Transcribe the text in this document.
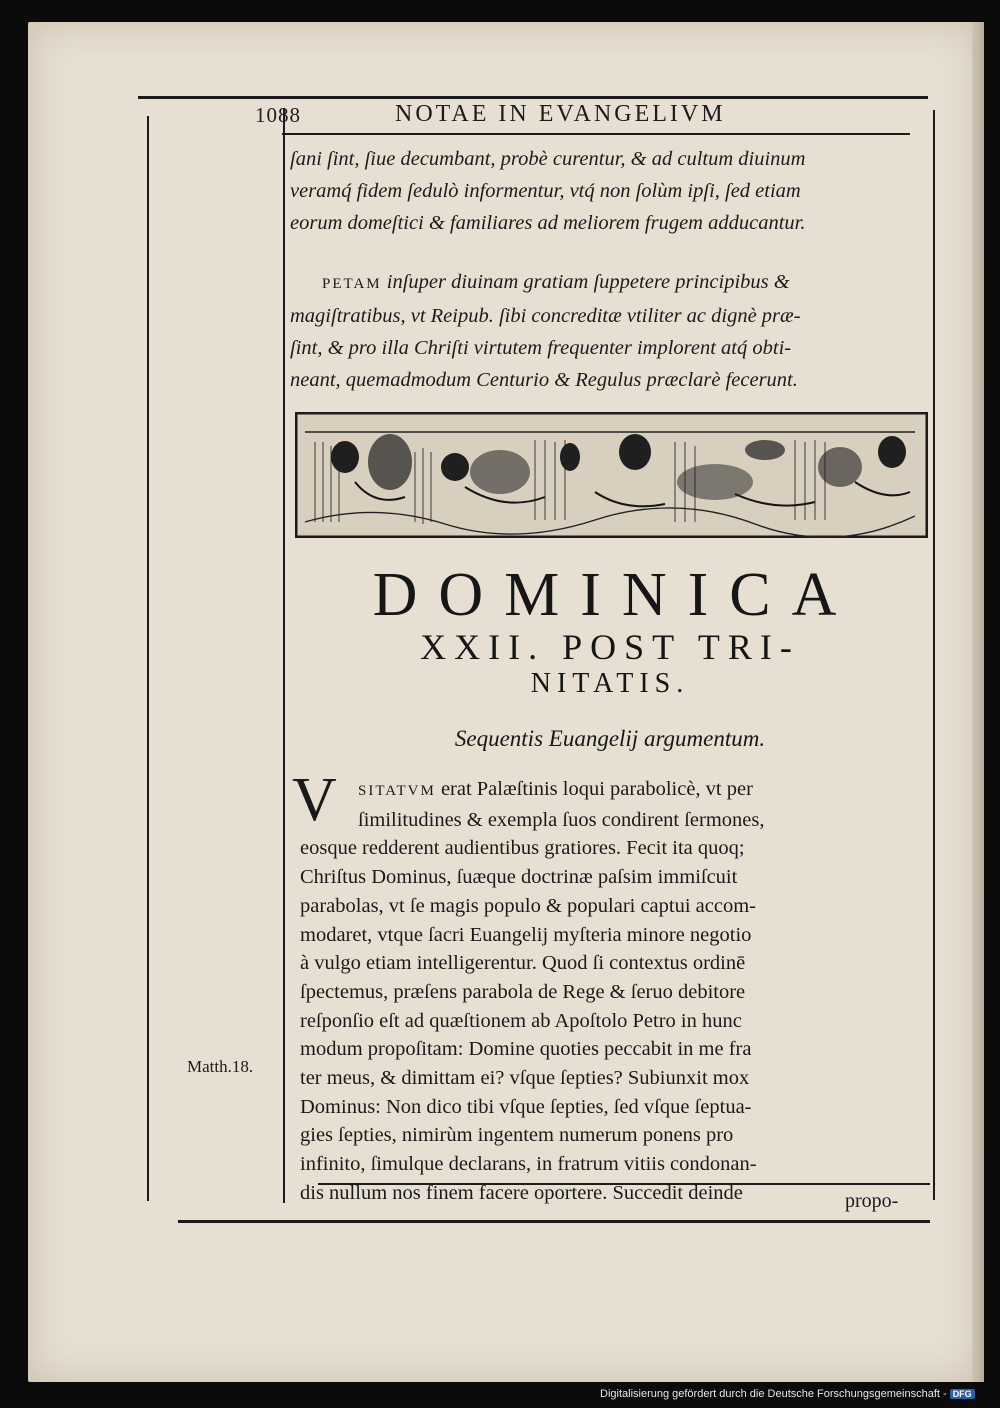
1088	NOTAE IN EVANGELIVM

ſani ſint, ſiue decumbant, probè curentur, & ad cultum diuinum

veramq́ fidem ſedulò informentur, vtq́ non ſolùm ipſi, ſed etiam

eorum domeſtici & familiares ad meliorem frugem adducantur.

PETAM inſuper diuinam gratiam ſuppetere principibus &

magiſtratibus, vt Reipub. ſibi concreditæ vtiliter ac dignè præ-

ſint, & pro illa Chriſti virtutem frequenter implorent atq́ obti-

neant, quemadmodum Centurio & Regulus præclarè fecerunt.

DOMINICA
XXII. POST TRI-
NITATIS.
Sequentis Euangelij argumentum.
V	SITATVM erat Palæſtinis loqui parabolicè, vt per

ſimilitudines & exempla ſuos condirent ſermones,

eosque redderent audientibus gratiores. Fecit ita quoq;

Chriſtus Dominus, ſuæque doctrinæ paſsim immiſcuit

parabolas, vt ſe magis populo & populari captui accom-

modaret, vtque ſacri Euangelij myſteria minore negotio

à vulgo etiam intelligerentur. Quod ſi contextus ordinē

ſpectemus, præſens parabola de Rege & ſeruo debitore

reſponſio eſt ad quæſtionem ab Apoſtolo Petro in hunc

modum propoſitam: Domine quoties peccabit in me fra

ter meus, & dimittam ei? vſque ſepties? Subiunxit mox

Dominus: Non dico tibi vſque ſepties, ſed vſque ſeptua-

gies ſepties, nimirùm ingentem numerum ponens pro

infinito, ſimulque declarans, in fratrum vitiis condonan-

dis nullum nos finem facere oportere. Succedit deinde

Matth.18.
propo-
Digitalisierung gefördert durch die Deutsche Forschungsgemeinschaft - DFG
